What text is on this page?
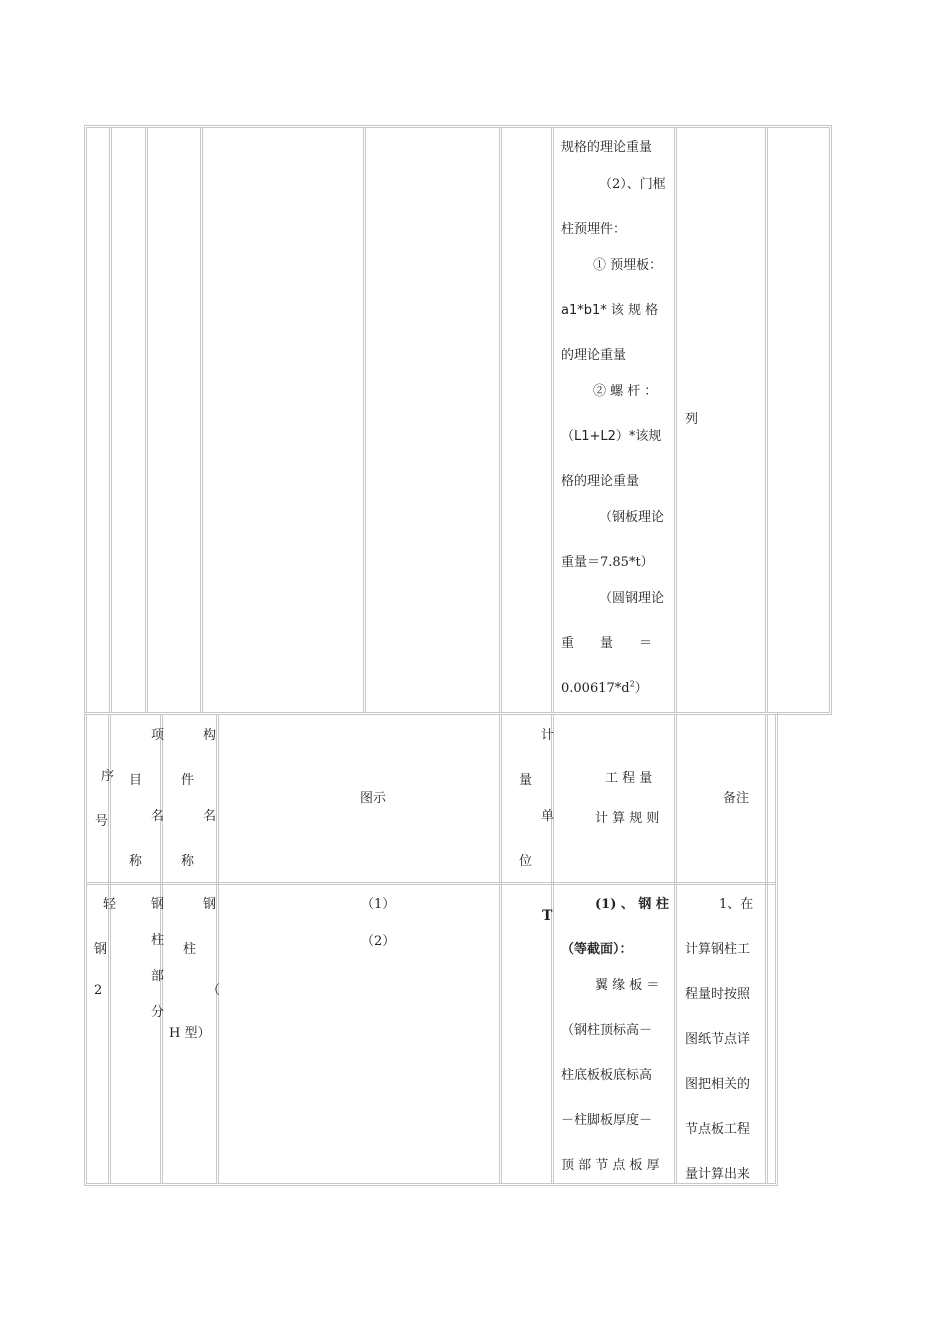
规格的理论重量
（2）、门框
柱预埋件：
① 预埋板：
a1*b1* 该 规 格
的理论重量
② 螺 杆 ：
（L1+L2）*该规
格的理论重量
（钢板理论
重量＝7.85*t）
（圆钢理论
重　　量　　＝
$0.00617*d^2$）
列
序
号
项
目
名
称
构
件
名
称
图示
计
量
单
位
工 程 量
计 算 规 则
备注
轻
钢
2
钢
柱
部
分
钢
柱
（
H 型）
（1）
（2）
T
(1) 、 钢 柱
（等截面）：
翼 缘 板 ＝
（钢柱顶标高－
柱底板板底标高
－柱脚板厚度－
顶 部 节 点 板 厚
1、在
计算钢柱工
程量时按照
图纸节点详
图把相关的
节点板工程
量计算出来
